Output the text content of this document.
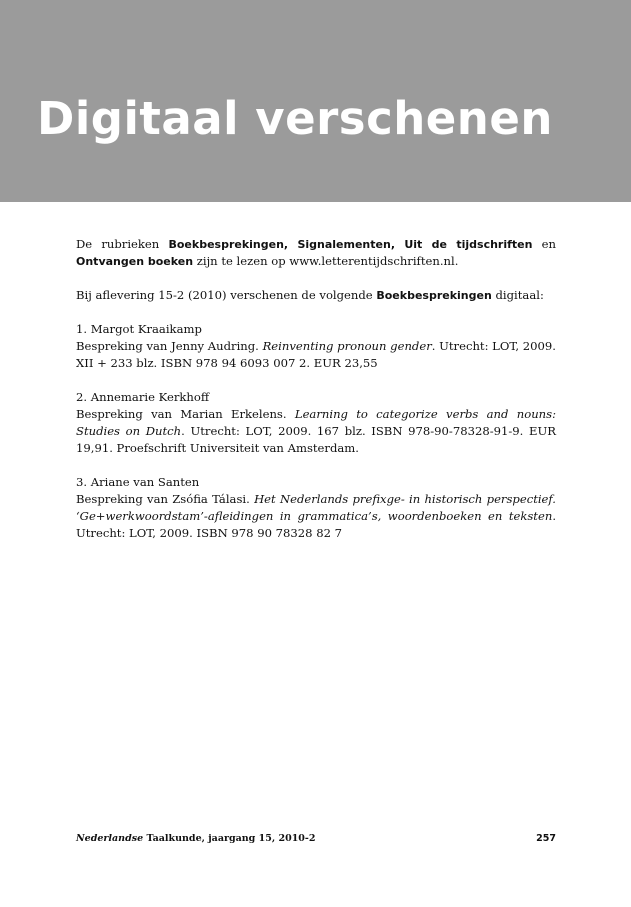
Digitaal verschenen

De rubrieken Boekbesprekingen, Signalementen, Uit de tijdschriften en Ontvangen boeken zijn te lezen op www.letterentijdschriften.nl.

Bij aflevering 15-2 (2010) verschenen de volgende Boekbesprekingen digitaal:

1. Margot Kraaikamp

Bespreking van Jenny Audring. Reinventing pronoun gender. Utrecht: LOT, 2009. XII + 233 blz. ISBN 978 94 6093 007 2. EUR 23,55

2. Annemarie Kerkhoff

Bespreking van Marian Erkelens. Learning to categorize verbs and nouns: Studies on Dutch. Utrecht: LOT, 2009. 167 blz. ISBN 978-90-78328-91-9. EUR 19,91. Proefschrift Universiteit van Amsterdam.

3. Ariane van Santen

Bespreking van Zsófia Tálasi. Het Nederlands prefixge- in historisch perspectief. ‘Ge+werkwoordstam’-afleidingen in grammatica’s, woordenboeken en teksten. Utrecht: LOT, 2009. ISBN 978 90 78328 82 7

Nederlandse Taalkunde, jaargang 15, 2010-2	257
